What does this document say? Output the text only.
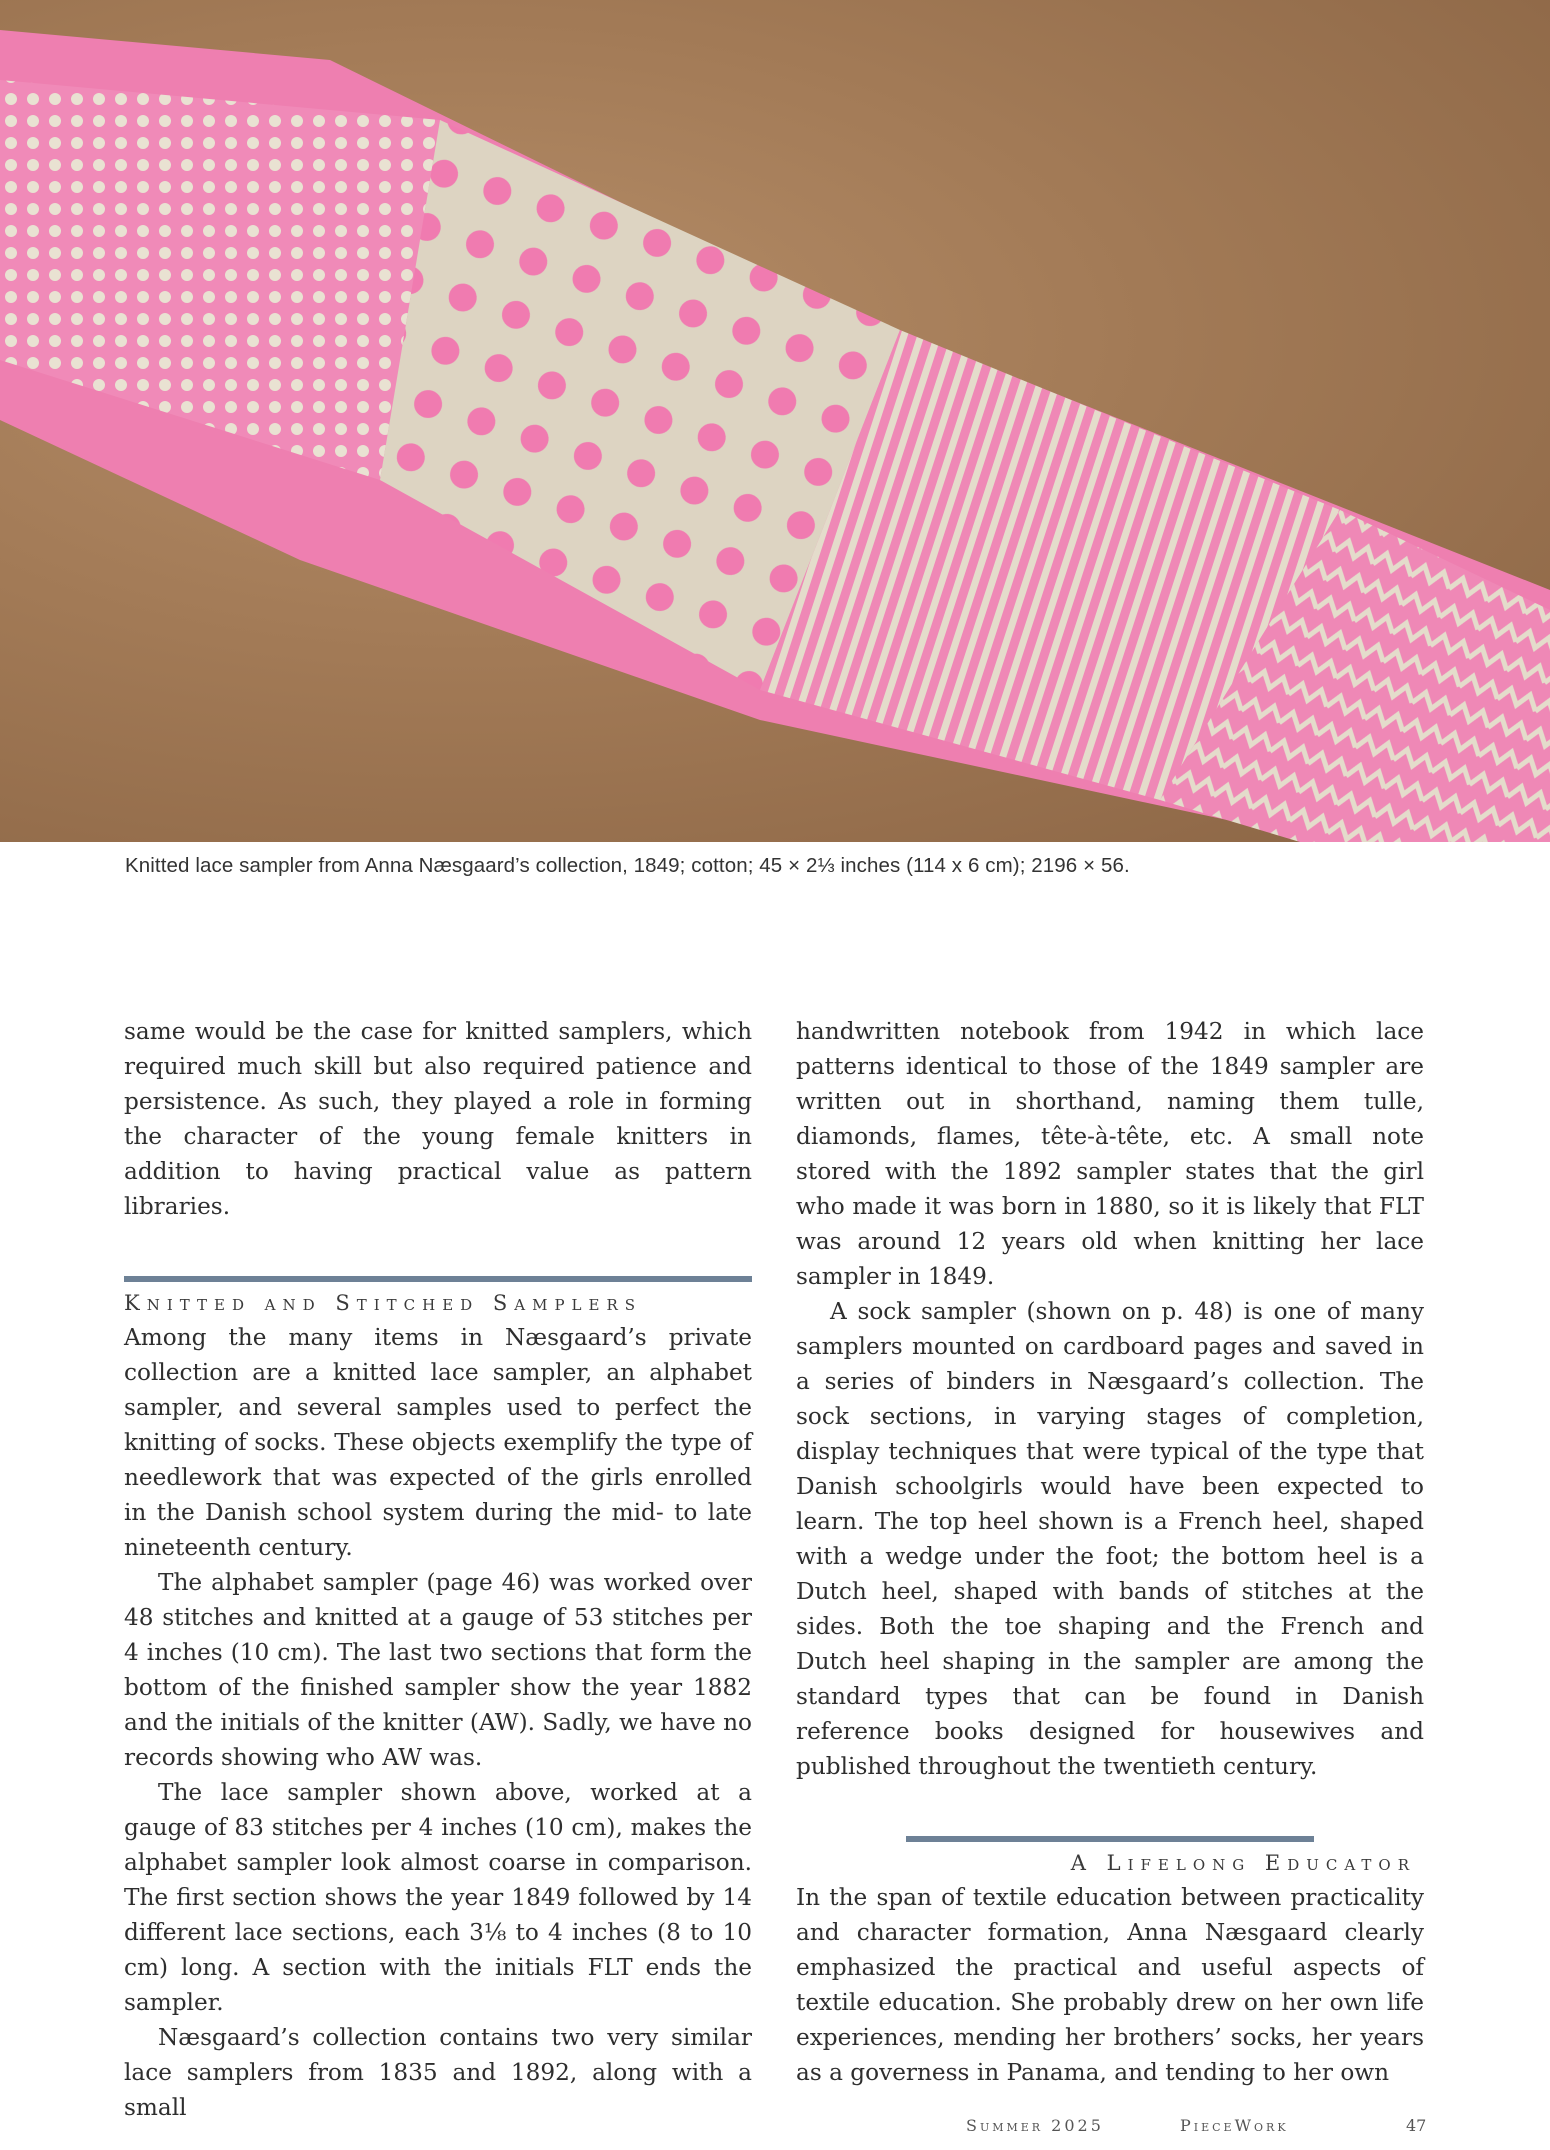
Knitted lace sampler from Anna Næsgaard’s collection, 1849; cotton; 45 × 2⅓ inches (114 x 6 cm); 2196 × 56.

same would be the case for knitted samplers, which required much skill but also required patience and persistence. As such, they played a role in forming the character of the young female knitters in addition to having practical value as pattern libraries.

Knitted and Stitched Samplers

Among the many items in Næsgaard’s private collection are a knitted lace sampler, an alphabet sampler, and several samples used to perfect the knitting of socks. These objects exemplify the type of needlework that was expected of the girls enrolled in the Danish school system during the mid- to late nineteenth century.

The alphabet sampler (page 46) was worked over 48 stitches and knitted at a gauge of 53 stitches per 4 inches (10 cm). The last two sections that form the bottom of the finished sampler show the year 1882 and the initials of the knitter (AW). Sadly, we have no records showing who AW was.

The lace sampler shown above, worked at a gauge of 83 stitches per 4 inches (10 cm), makes the alphabet sampler look almost coarse in comparison. The first section shows the year 1849 followed by 14 different lace sections, each 3⅛ to 4 inches (8 to 10 cm) long. A section with the initials FLT ends the sampler.

Næsgaard’s collection contains two very similar lace samplers from 1835 and 1892, along with a small

handwritten notebook from 1942 in which lace patterns identical to those of the 1849 sampler are written out in shorthand, naming them tulle, diamonds, flames, tête-à-tête, etc. A small note stored with the 1892 sampler states that the girl who made it was born in 1880, so it is likely that FLT was around 12 years old when knitting her lace sampler in 1849.

A sock sampler (shown on p. 48) is one of many samplers mounted on cardboard pages and saved in a series of binders in Næsgaard’s collection. The sock sections, in varying stages of completion, display techniques that were typical of the type that Danish schoolgirls would have been expected to learn. The top heel shown is a French heel, shaped with a wedge under the foot; the bottom heel is a Dutch heel, shaped with bands of stitches at the sides. Both the toe shaping and the French and Dutch heel shaping in the sampler are among the standard types that can be found in Danish reference books designed for housewives and published throughout the twentieth century.

A Lifelong Educator

In the span of textile education between practicality and character formation, Anna Næsgaard clearly emphasized the practical and useful aspects of textile education. She probably drew on her own life experiences, mending her brothers’ socks, her years as a governess in Panama, and tending to her own

Summer 2025	PieceWork	47
